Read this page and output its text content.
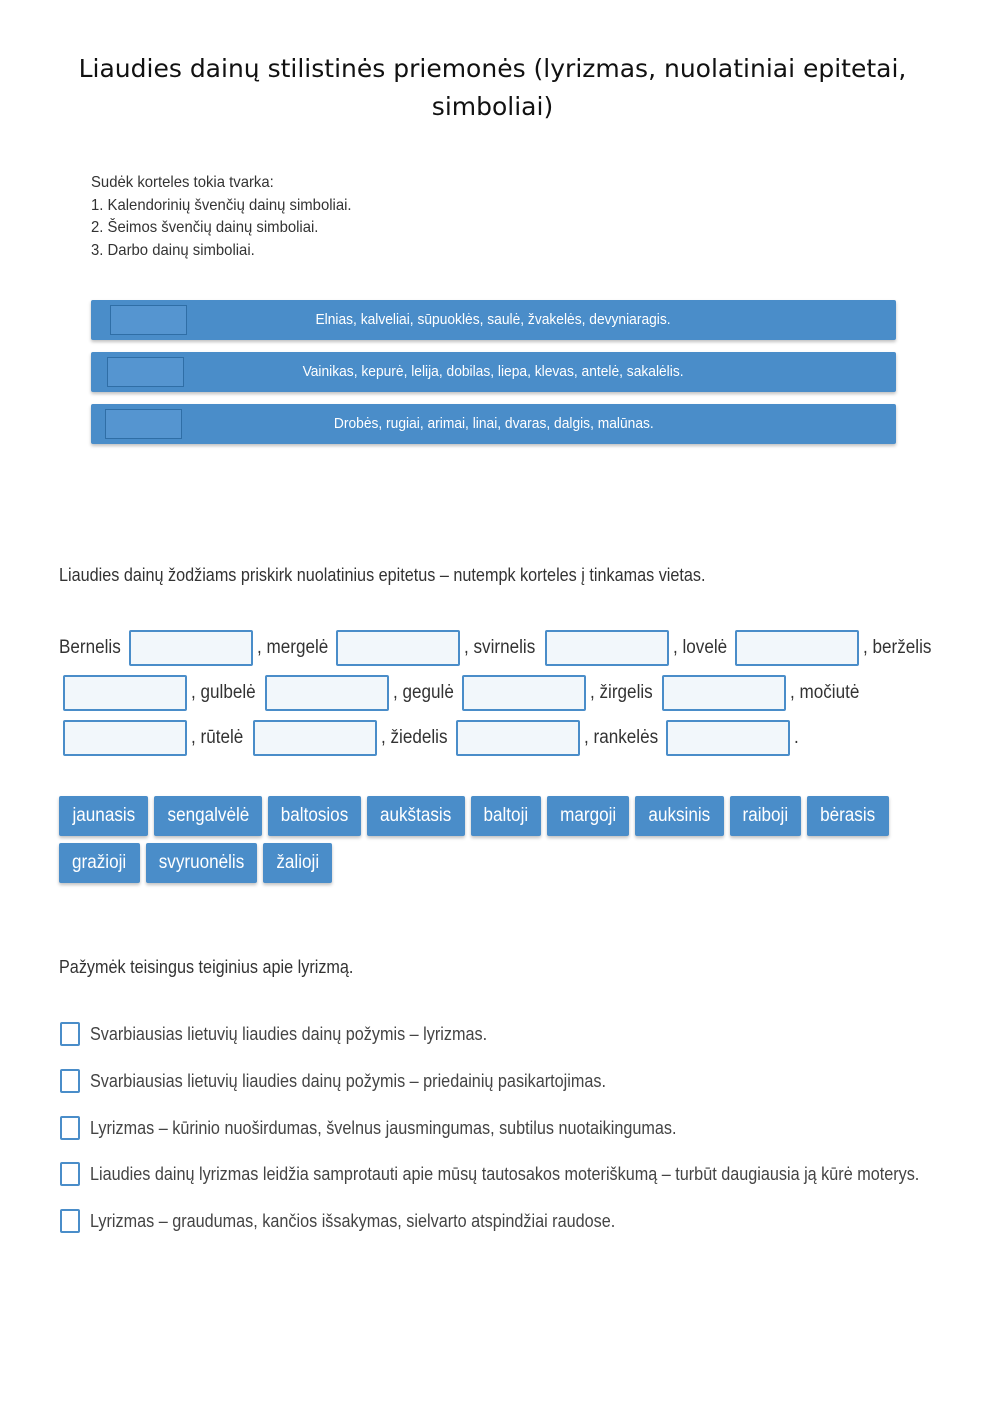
Liaudies dainų stilistinės priemonės (lyrizmas, nuolatiniai epitetai, simboliai)
Sudėk korteles tokia tvarka:
1. Kalendorinių švenčių dainų simboliai.
2. Šeimos švenčių dainų simboliai.
3. Darbo dainų simboliai.
Elnias, kalveliai, sūpuoklės, saulė, žvakelės, devyniaragis.
Vainikas, kepurė, lelija, dobilas, liepa, klevas, antelė, sakalėlis.
Drobės, rugiai, arimai, linai, dvaras, dalgis, malūnas.
Liaudies dainų žodžiams priskirk nuolatinius epitetus – nutempk korteles į tinkamas vietas.
Bernelis	, mergelė	, svirnelis	, lovelė	, berželis
, gulbelė	, gegulė	, žirgelis	, močiutė
, rūtelė	, žiedelis	, rankelės	.
jaunasis	sengalvėlė	baltosios	aukštasis	baltoji	margoji	auksinis	raiboji	bėrasis
gražioji	svyruonėlis	žalioji
Pažymėk teisingus teiginius apie lyrizmą.
Svarbiausias lietuvių liaudies dainų požymis – lyrizmas.
Svarbiausias lietuvių liaudies dainų požymis – priedainių pasikartojimas.
Lyrizmas – kūrinio nuoširdumas, švelnus jausmingumas, subtilus nuotaikingumas.
Liaudies dainų lyrizmas leidžia samprotauti apie mūsų tautosakos moteriškumą – turbūt daugiausia ją kūrė moterys.
Lyrizmas – graudumas, kančios išsakymas, sielvarto atspindžiai raudose.
